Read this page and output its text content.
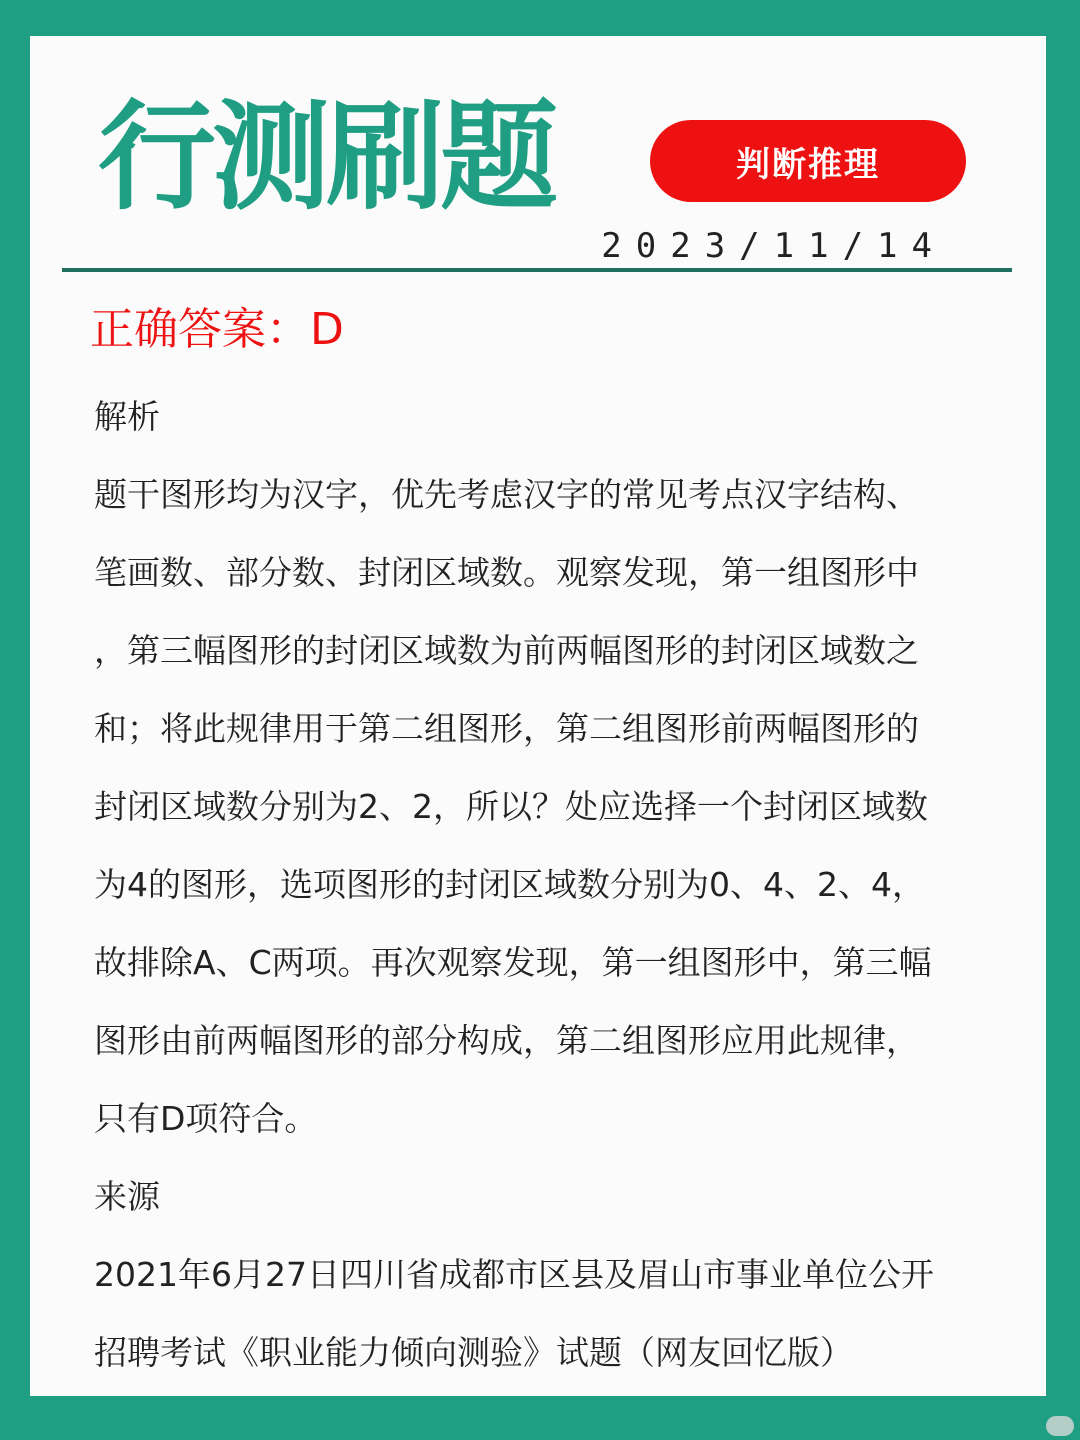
行测刷题	判断推理
2023/11/14
正确答案：D

解析

题干图形均为汉字，优先考虑汉字的常见考点汉字结构、

笔画数、部分数、封闭区域数。观察发现，第一组图形中

，第三幅图形的封闭区域数为前两幅图形的封闭区域数之

和；将此规律用于第二组图形，第二组图形前两幅图形的

封闭区域数分别为2、2，所以？处应选择一个封闭区域数

为4的图形，选项图形的封闭区域数分别为0、4、2、4，

故排除A、C两项。再次观察发现，第一组图形中，第三幅

图形由前两幅图形的部分构成，第二组图形应用此规律，

只有D项符合。

来源

2021年6月27日四川省成都市区县及眉山市事业单位公开

招聘考试《职业能力倾向测验》试题（网友回忆版）
